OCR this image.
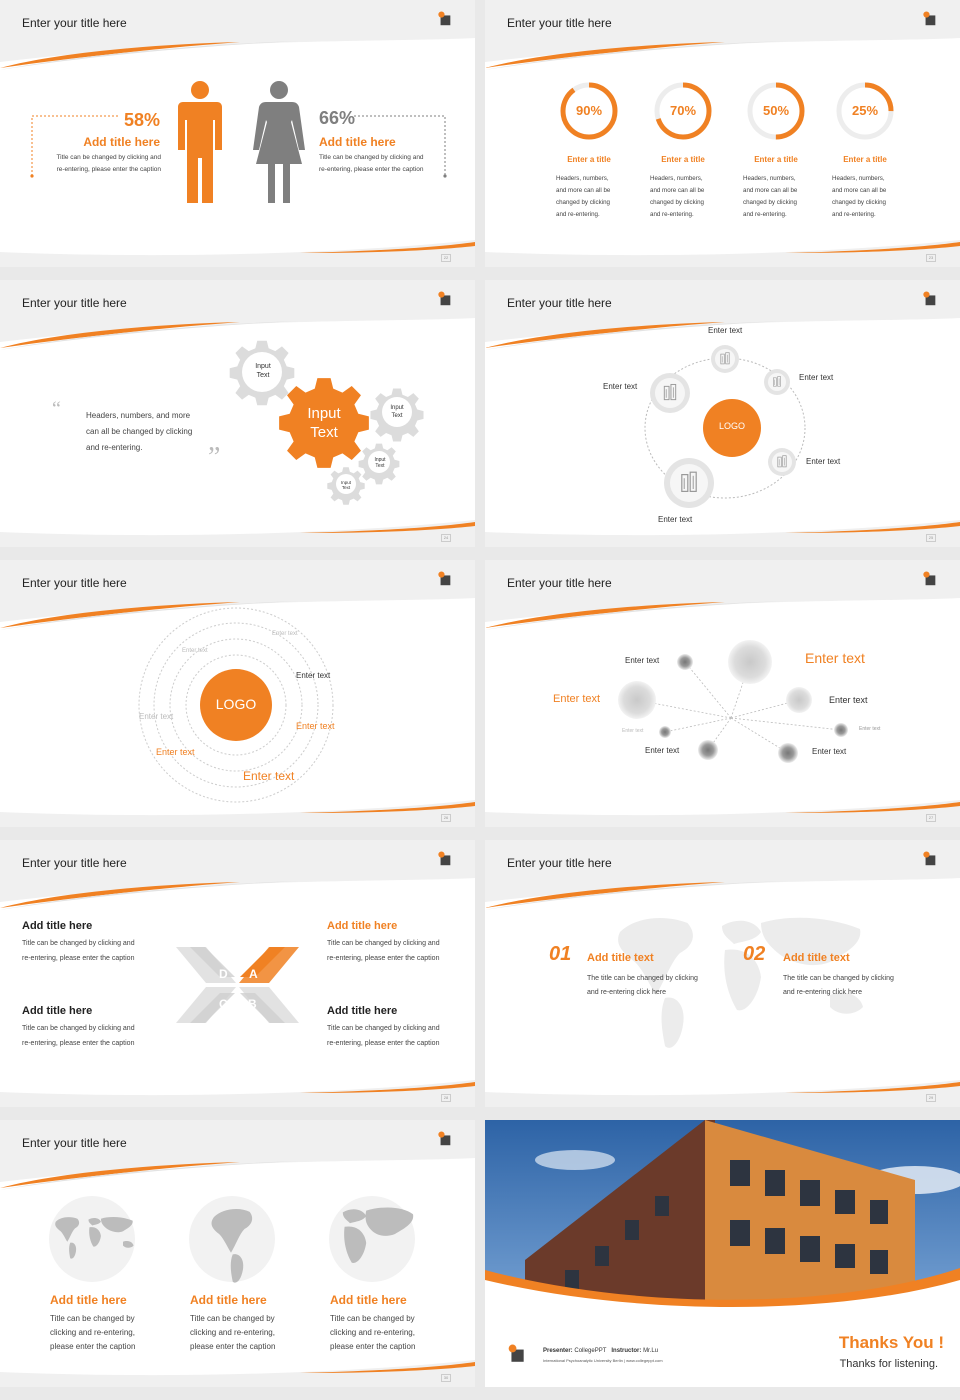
Enter your title here
58%
Add title here
Title can be changed by clicking and
re-entering, please enter the caption
66%
Add title here
Title can be changed by clicking and
re-entering, please enter the caption
22
Enter your title here
23
90%
Enter a title
Headers, numbers,
and more can all be
changed by clicking
and re-entering.
70%
Enter a title
Headers, numbers,
and more can all be
changed by clicking
and re-entering.
50%
Enter a title
Headers, numbers,
and more can all be
changed by clicking
and re-entering.
25%
Enter a title
Headers, numbers,
and more can all be
changed by clicking
and re-entering.
Enter your title here
“	Headers, numbers, and more
can all be changed by clicking
and re-entering.	”
Input
Text
Input
Text
Input
Text
Input
Text
Input
Text
24
Enter your title here
LOGO
Enter text
Enter text
Enter text
Enter text
Enter text
25
Enter your title here
LOGO
Enter text
Enter text
Enter text
Enter text
Enter text
Enter text
Enter text
26
Enter your title here
Enter text
Enter text
Enter text
Enter text
Enter text	Enter text
Enter text
Enter text
27
Enter your title here
Add title here
Title can be changed by clicking and
re-entering, please enter the caption
Add title here
Title can be changed by clicking and
re-entering, please enter the caption
Add title here
Title can be changed by clicking and
re-entering, please enter the caption
Add title here
Title can be changed by clicking and
re-entering, please enter the caption
A
B
C
D
28
Enter your title here
01 Add title text
The title can be changed by clicking
and re-entering click here
02 Add title text
The title can be changed by clicking
and re-entering click here
29
Enter your title here
Add title here
Title can be changed by
clicking and re-entering,
please enter the caption
Add title here
Title can be changed by
clicking and re-entering,
please enter the caption
Add title here
Title can be changed by
clicking and re-entering,
please enter the caption
30
Presenter: CollegePPT Instructor: Mr.Lu
International Psychoanalytic University Berlin | www.collegeppt.com
Thanks You !
Thanks for listening.
